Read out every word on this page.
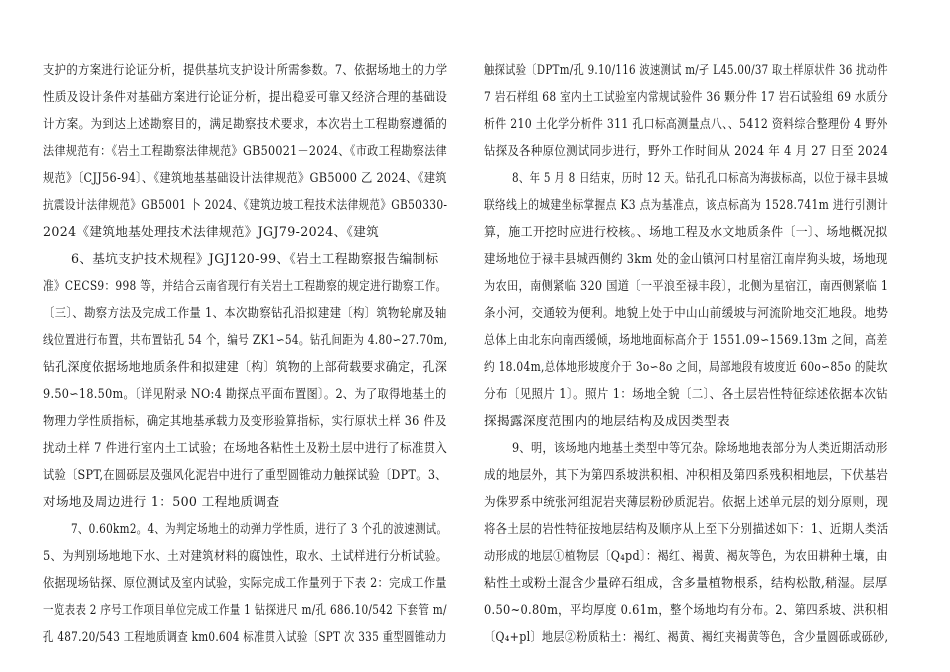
支护的方案进行论证分析，提供基坑支护设计所需参数。7、依据场地土的力学
性质及设计条件对基础方案进行论证分析，提出稳妥可靠又经济合理的基础设
计方案。为到达上述勘察目的，满足勘察技术要求，本次岩土工程勘察遵循的
法律规范有：《岩土工程勘察法律规范》GB50021－2024、《市政工程勘察法律
规范》〔CJJ56-94〕、《建筑地基基础设计法律规范》GB5000 乙 2024、《建筑
抗震设计法律规范》GB5001 卜 2024、《建筑边坡工程技术法律规范》GB50330-
2024《建筑地基处理技术法律规范》JGJ79-2024、《建筑
6、基坑支护技术规程》JGJ120-99、《岩土工程勘察报告编制标
准》CECS9：998 等，并结合云南省现行有关岩土工程勘察的规定进行勘察工作。
〔三〕、勘察方法及完成工作量 1、本次勘察钻孔沿拟建建〔构〕筑物轮廓及轴
线位置进行布置，共布置钻孔 54 个，编号 ZK1∽54。钻孔间距为 4.80∽27.70m,
钻孔深度依据场地地质条件和拟建建〔构〕筑物的上部荷载要求确定，孔深
9.50∽18.50m。〔详见附录 NO:4 勘探点平面布置图〕。2、为了取得地基土的
物理力学性质指标，确定其地基承载力及变形验算指标，实行原状土样 36 件及
扰动土样 7 件进行室内土工试验；在场地各粘性土及粉土层中进行了标准贯入
试验〔SPT,在圆砾层及强风化泥岩中进行了重型圆锥动力触探试验〔DPT。3、
对场地及周边进行 1：500 工程地质调查
7、0.60km2。4、为判定场地土的动弹力学性质，进行了 3 个孔的波速测试。
5、为判别场地地下水、土对建筑材料的腐蚀性，取水、土试样进行分析试验。
依据现场钻探、原位测试及室内试验，实际完成工作量列于下表 2：完成工作量
一览表表 2 序号工作项目单位完成工作量 1 钻探进尺 m/孔 686.10/542 下套管 m/
孔 487.20/543 工程地质调查 km0.604 标准贯入试验〔SPT 次 335 重型圆锥动力
触探试验〔DPTm/孔 9.10/116 波速测试 m/孑 L45.00/37 取土样原状件 36 扰动件
7 岩石样组 68 室内土工试验室内常规试验件 36 颗分件 17 岩石试验组 69 水质分
析件 210 土化学分析件 311 孔口标高测量点八、、5412 资料综合整理份 4 野外
钻探及各种原位测试同步进行，野外工作时间从 2024 年 4 月 27 日至 2024
8、年 5 月 8 日结束，历时 12 天。钻孔孔口标高为海拔标高，以位于禄丰县城
联络线上的城建坐标掌握点 K3 点为基准点，该点标高为 1528.741m 进行引测计
算，施工开挖时应进行校核。、场地工程及水文地质条件〔一〕、场地概况拟
建场地位于禄丰县城西侧约 3km 处的金山镇河口村星宿江南岸狗头坡，场地现
为农田，南侧紧临 320 国道〔一平浪至禄丰段〕，北侧为星宿江，南西侧紧临 1
条小河，交通较为便利。地貌上处于中山山前缓坡与河流阶地交汇地段。地势
总体上由北东向南西缓倾，场地地面标高介于 1551.09∽1569.13m 之间，高差
约 18.04m,总体地形坡度介于 3o∽8o 之间，局部地段有坡度近 60o∽85o 的陡坎
分布〔见照片 1〕。照片 1：场地全貌〔二〕、各土层岩性特征综述依据本次钻
探揭露深度范围内的地层结构及成因类型表
9、明，该场地内地基土类型中等冗杂。除场地地表部分为人类近期活动形
成的地层外，其下为第四系坡洪积相、冲积相及第四系残积相地层，下伏基岩
为侏罗系中统张河组泥岩夹薄层粉砂质泥岩。依据上述单元层的划分原则，现
将各土层的岩性特征按地层结构及顺序从上至下分别描述如下：1、近期人类活
动形成的地层①植物层〔Q₄pd〕：褐红、褐黄、褐灰等色，为农田耕种土壤，由
粘性土或粉土混含少量碎石组成，含多量植物根系，结构松散,稍湿。层厚
0.50~0.80m，平均厚度 0.61m，整个场地均有分布。2、第四系坡、洪积相
〔Q₄+pl〕地层②粉质粘土：褐红、褐黄、褐红夹褐黄等色，含少量圆砾或砾砂,
